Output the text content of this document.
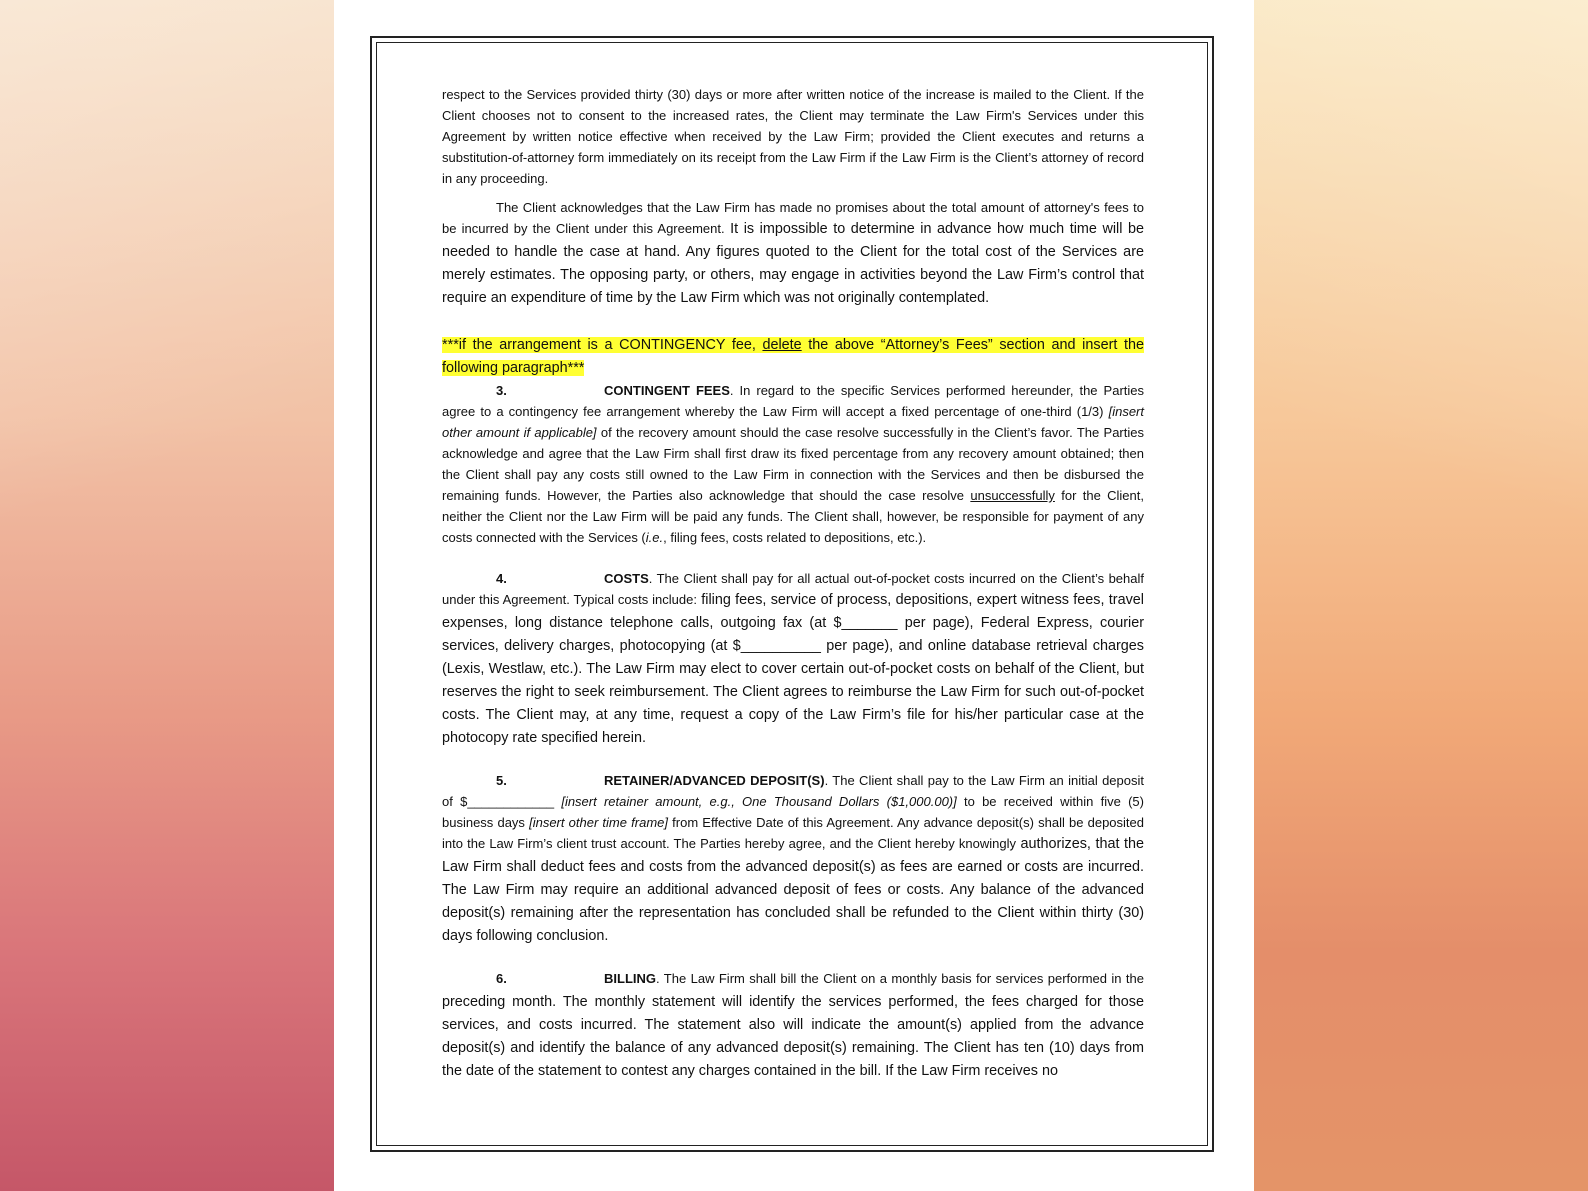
respect to the Services provided thirty (30) days or more after written notice of the increase is mailed to the Client. If the Client chooses not to consent to the increased rates, the Client may terminate the Law Firm's Services under this Agreement by written notice effective when received by the Law Firm; provided the Client executes and returns a substitution-of-attorney form immediately on its receipt from the Law Firm if the Law Firm is the Client’s attorney of record in any proceeding.

The Client acknowledges that the Law Firm has made no promises about the total amount of attorney's fees to be incurred by the Client under this Agreement. It is impossible to determine in advance how much time will be needed to handle the case at hand. Any figures quoted to the Client for the total cost of the Services are merely estimates. The opposing party, or others, may engage in activities beyond the Law Firm’s control that require an expenditure of time by the Law Firm which was not originally contemplated.

***if the arrangement is a CONTINGENCY fee, delete the above “Attorney’s Fees” section and insert the following paragraph***

3.	CONTINGENT FEES. In regard to the specific Services performed hereunder, the Parties agree to a contingency fee arrangement whereby the Law Firm will accept a fixed percentage of one-third (1/3) [insert other amount if applicable] of the recovery amount should the case resolve successfully in the Client’s favor. The Parties acknowledge and agree that the Law Firm shall first draw its fixed percentage from any recovery amount obtained; then the Client shall pay any costs still owned to the Law Firm in connection with the Services and then be disbursed the remaining funds. However, the Parties also acknowledge that should the case resolve unsuccessfully for the Client, neither the Client nor the Law Firm will be paid any funds. The Client shall, however, be responsible for payment of any costs connected with the Services (i.e., filing fees, costs related to depositions, etc.).

4.	COSTS. The Client shall pay for all actual out-of-pocket costs incurred on the Client’s behalf under this Agreement. Typical costs include: filing fees, service of process, depositions, expert witness fees, travel expenses, long distance telephone calls, outgoing fax (at $_______ per page), Federal Express, courier services, delivery charges, photocopying (at $__________ per page), and online database retrieval charges (Lexis, Westlaw, etc.). The Law Firm may elect to cover certain out-of-pocket costs on behalf of the Client, but reserves the right to seek reimbursement. The Client agrees to reimburse the Law Firm for such out-of-pocket costs. The Client may, at any time, request a copy of the Law Firm’s file for his/her particular case at the photocopy rate specified herein.

5.	RETAINER/ADVANCED DEPOSIT(S). The Client shall pay to the Law Firm an initial deposit of $____________ [insert retainer amount, e.g., One Thousand Dollars ($1,000.00)] to be received within five (5) business days [insert other time frame] from Effective Date of this Agreement. Any advance deposit(s) shall be deposited into the Law Firm’s client trust account. The Parties hereby agree, and the Client hereby knowingly authorizes, that the Law Firm shall deduct fees and costs from the advanced deposit(s) as fees are earned or costs are incurred. The Law Firm may require an additional advanced deposit of fees or costs. Any balance of the advanced deposit(s) remaining after the representation has concluded shall be refunded to the Client within thirty (30) days following conclusion.

6.	BILLING. The Law Firm shall bill the Client on a monthly basis for services performed in the preceding month. The monthly statement will identify the services performed, the fees charged for those services, and costs incurred. The statement also will indicate the amount(s) applied from the advance deposit(s) and identify the balance of any advanced deposit(s) remaining. The Client has ten (10) days from the date of the statement to contest any charges contained in the bill. If the Law Firm receives no
